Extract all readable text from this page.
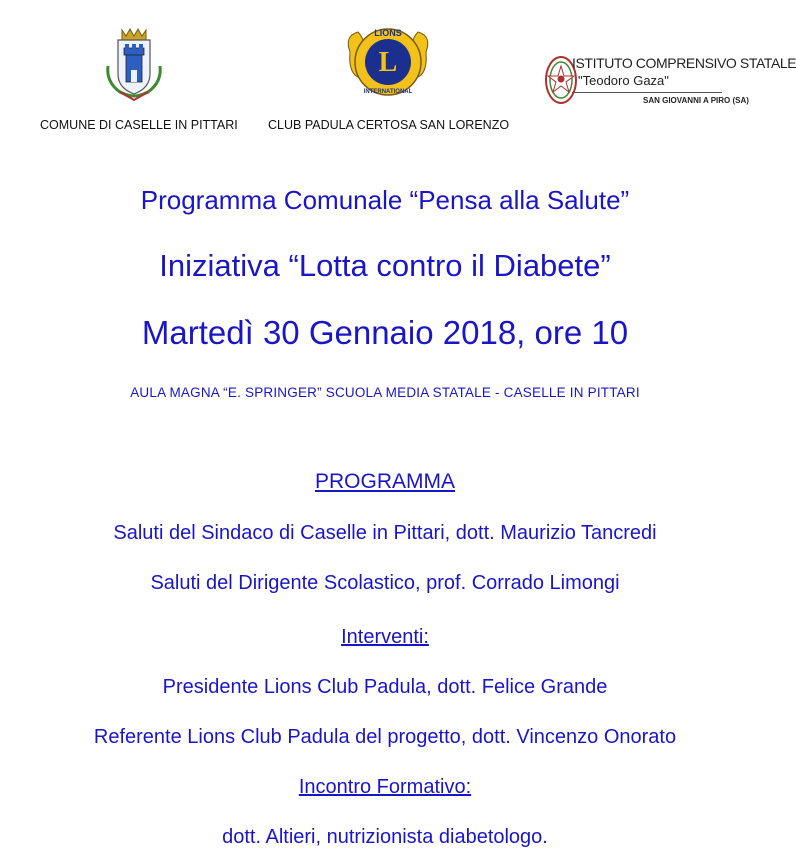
COMUNE DI CASELLE IN PITTARI
L
LIONS
INTERNATIONAL
CLUB PADULA CERTOSA SAN LORENZO
ISTITUTO COMPRENSIVO STATALE
"Teodoro Gaza"
SAN GIOVANNI A PIRO (SA)
Programma Comunale “Pensa alla Salute”
Iniziativa “Lotta contro il Diabete”
Martedì 30 Gennaio 2018, ore 10
AULA MAGNA “E. SPRINGER” SCUOLA MEDIA STATALE - CASELLE IN PITTARI
PROGRAMMA
Saluti del Sindaco di Caselle in Pittari, dott. Maurizio Tancredi
Saluti del Dirigente Scolastico, prof. Corrado Limongi
Interventi:
Presidente Lions Club Padula, dott. Felice Grande
Referente Lions Club Padula del progetto, dott. Vincenzo Onorato
Incontro Formativo:
dott. Altieri, nutrizionista diabetologo.
